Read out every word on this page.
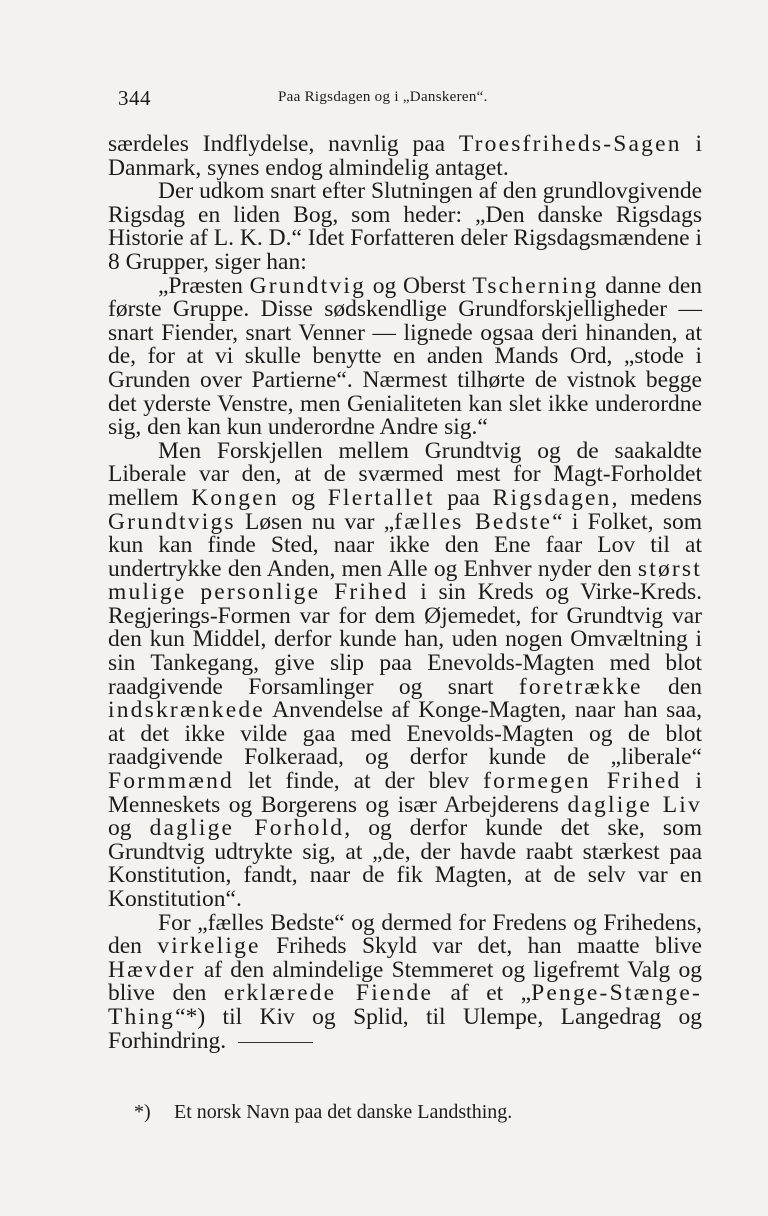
344	Paa Rigsdagen og i „Danskeren“.

særdeles Indflydelse, navnlig paa Troesfriheds-Sagen i Danmark, synes endog almindelig antaget.

Der udkom snart efter Slutningen af den grundlovgivende Rigsdag en liden Bog, som heder: „Den danske Rigsdags Historie af L. K. D.“ Idet Forfatteren deler Rigsdagsmændene i 8 Grupper, siger han:

„Præsten Grundtvig og Oberst Tscherning danne den første Gruppe. Disse sødskendlige Grundforskjelligheder — snart Fiender, snart Venner — lignede ogsaa deri hinanden, at de, for at vi skulle benytte en anden Mands Ord, „stode i Grunden over Partierne“. Nærmest tilhørte de vistnok begge det yderste Venstre, men Genialiteten kan slet ikke underordne sig, den kan kun underordne Andre sig.“

Men Forskjellen mellem Grundtvig og de saakaldte Liberale var den, at de sværmed mest for Magt-Forholdet mellem Kongen og Flertallet paa Rigsdagen, medens Grundtvigs Løsen nu var „fælles Bedste“ i Folket, som kun kan finde Sted, naar ikke den Ene faar Lov til at undertrykke den Anden, men Alle og Enhver nyder den størst mulige personlige Frihed i sin Kreds og Virke-Kreds. Regjerings-Formen var for dem Øjemedet, for Grundtvig var den kun Middel, derfor kunde han, uden nogen Omvæltning i sin Tankegang, give slip paa Enevolds-Magten med blot raadgivende Forsamlinger og snart foretrække den indskrænkede Anvendelse af Konge-Magten, naar han saa, at det ikke vilde gaa med Enevolds-Magten og de blot raadgivende Folkeraad, og derfor kunde de „liberale“ Formmænd let finde, at der blev formegen Frihed i Menneskets og Borgerens og især Arbejderens daglige Liv og daglige Forhold, og derfor kunde det ske, som Grundtvig udtrykte sig, at „de, der havde raabt stærkest paa Konstitution, fandt, naar de fik Magten, at de selv var en Konstitution“.

For „fælles Bedste“ og dermed for Fredens og Frihedens, den virkelige Friheds Skyld var det, han maatte blive Hævder af den almindelige Stemmeret og ligefremt Valg og blive den erklærede Fiende af et „Penge-Stænge-Thing“*) til Kiv og Splid, til Ulempe, Langedrag og Forhindring.

*) Et norsk Navn paa det danske Landsthing.
